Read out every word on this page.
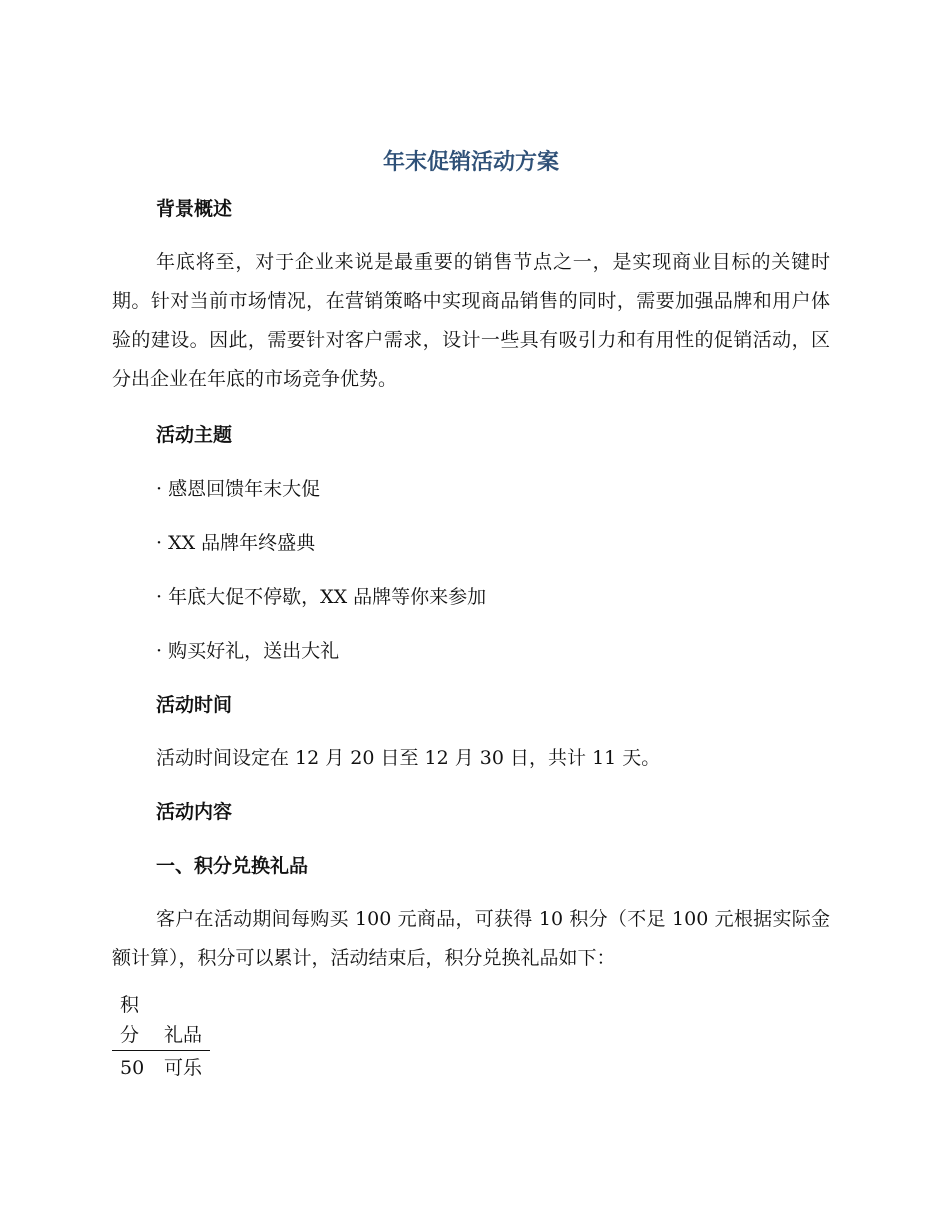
年末促销活动方案
背景概述

年底将至，对于企业来说是最重要的销售节点之一，是实现商业目标的关键时期。针对当前市场情况，在营销策略中实现商品销售的同时，需要加强品牌和用户体验的建设。因此，需要针对客户需求，设计一些具有吸引力和有用性的促销活动，区分出企业在年底的市场竞争优势。

活动主题

· 感恩回馈年末大促

· XX 品牌年终盛典

· 年底大促不停歇，XX 品牌等你来参加

· 购买好礼，送出大礼

活动时间

活动时间设定在 12 月 20 日至 12 月 30 日，共计 11 天。

活动内容
一、积分兑换礼品

客户在活动期间每购买 100 元商品，可获得 10 积分（不足 100 元根据实际金额计算），积分可以累计，活动结束后，积分兑换礼品如下：

积分	礼品
50	可乐
